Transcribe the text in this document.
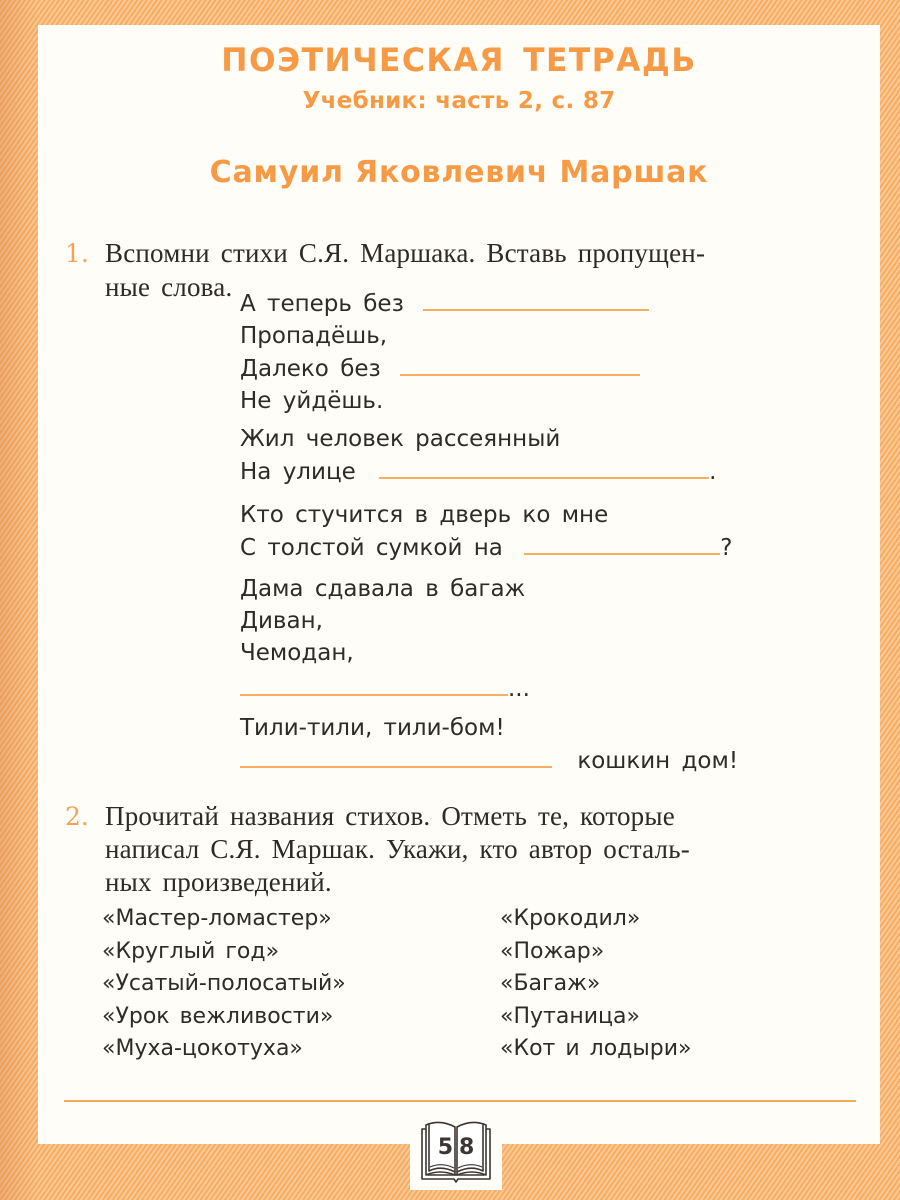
ПОЭТИЧЕСКАЯ ТЕТРАДЬ
Учебник: часть 2, с. 87
Самуил Яковлевич Маршак
1. Вспомни стихи С.Я. Маршака. Вставь пропущен-
ные слова.
А теперь без
Пропадёшь,
Далеко без
Не уйдёшь.
Жил человек рассеянный
На улице	.
Кто стучится в дверь ко мне
С толстой сумкой на	?
Дама сдавала в багаж
Диван,
Чемодан,
...
Тили-тили, тили-бом!
кошкин дом!
2. Прочитай названия стихов. Отметь те, которые
написал С.Я. Маршак. Укажи, кто автор осталь-
ных произведений.
«Мастер-ломастер»
«Круглый год»
«Усатый-полосатый»
«Урок вежливости»
«Муха-цокотуха»
«Крокодил»
«Пожар»
«Багаж»
«Путаница»
«Кот и лодыри»
58
